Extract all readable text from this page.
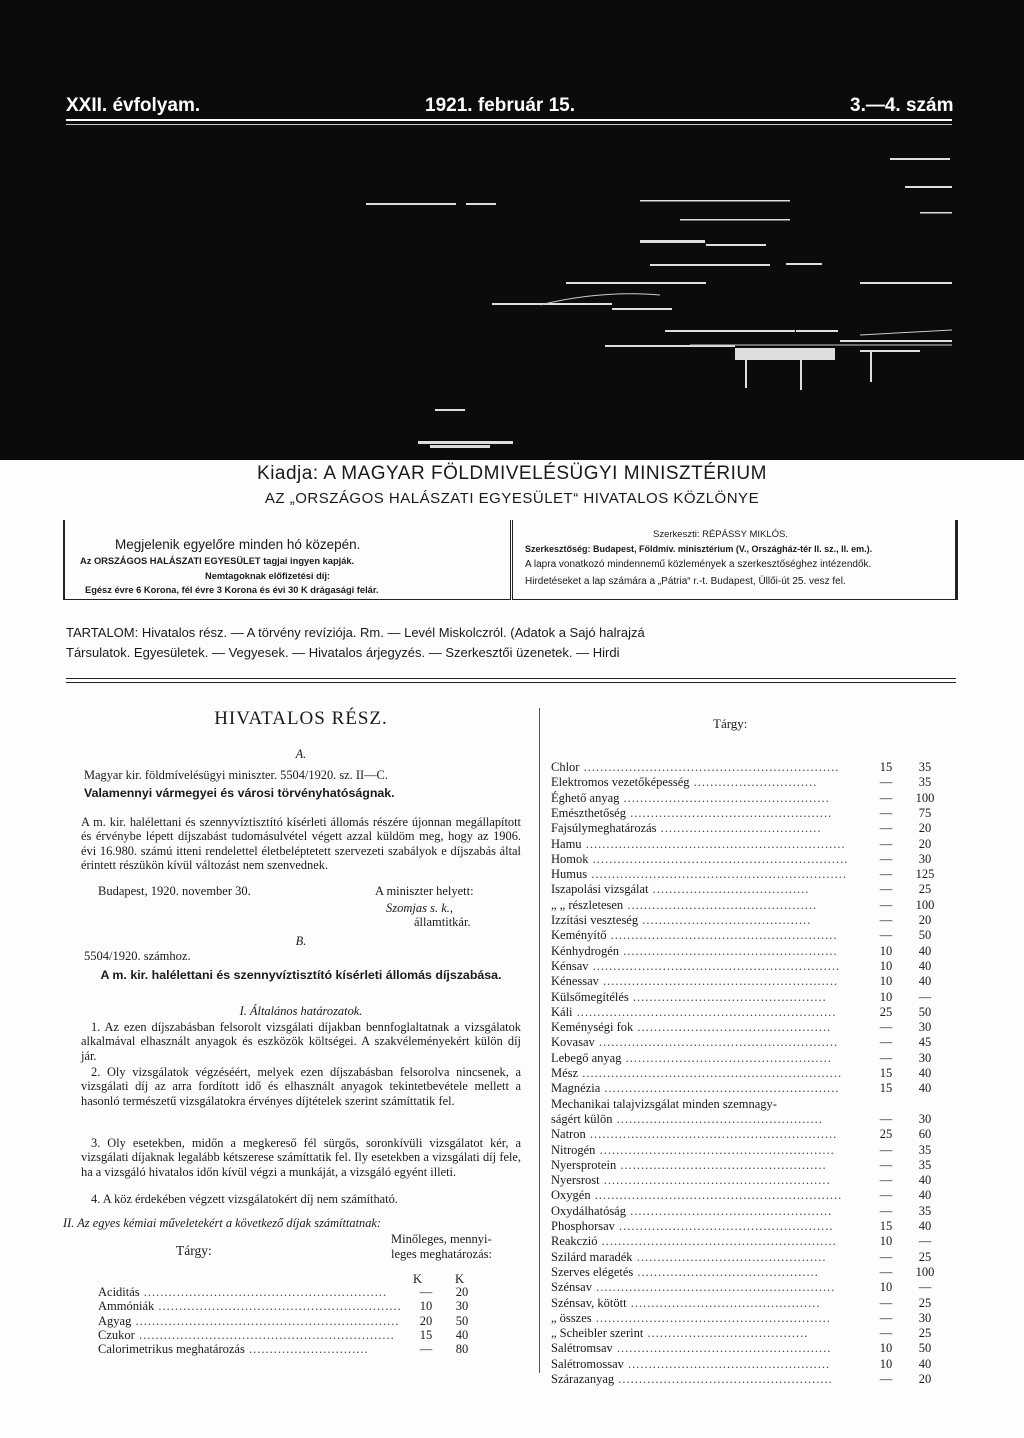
XXII. évfolyam.	1921. február 15.	3.—4. szám
Kiadja: A MAGYAR FÖLDMIVELÉSÜGYI MINISZTÉRIUM
AZ „ORSZÁGOS HALÁSZATI EGYESÜLET“ HIVATALOS KÖZLÖNYE
Megjelenik egyelőre minden hó közepén.
Az ORSZÁGOS HALÁSZATI EGYESÜLET tagjai ingyen kapják.
Nemtagoknak előfizetési díj:
Egész évre 6 Korona, fél évre 3 Korona és évi 30 K drágasági felár.
Szerkeszti: RÉPÁSSY MIKLÓS.
Szerkesztőség: Budapest, Földmív. minisztérium (V., Országház-tér II. sz., II. em.).
A lapra vonatkozó mindennemű közlemények a szerkesztőséghez intézendők.
Hirdetéseket a lap számára a „Pátria“ r.-t. Budapest, Üllői-út 25. vesz fel.
TARTALOM: Hivatalos rész. — A törvény revíziója. Rm. — Levél Miskolczról. (Adatok a Sajó halrajzá
Társulatok. Egyesületek. — Vegyesek. — Hivatalos árjegyzés. — Szerkesztői üzenetek. — Hirdi
HIVATALOS RÉSZ.
A.
Magyar kir. földmívelésügyi miniszter. 5504/1920. sz. II—C.
Valamennyi vármegyei és városi törvényhatóságnak.
A m. kir. halélettani és szennyvíztisztító kísérleti állomás részére újonnan megállapított és érvénybe lépett díjszabást tudomásulvétel végett azzal küldöm meg, hogy az 1906. évi 16.980. számú itteni rendelettel életbeléptetett szervezeti szabályok e díjszabás által érintett részükön kívül változást nem szenvednek.
Budapest, 1920. november 30.	A miniszter helyett:
Szomjas s. k.,
államtitkár.
B.
5504/1920. számhoz.
A m. kir. halélettani és szennyvíztisztító kísérleti állomás díjszabása.
I. Általános határozatok.
1. Az ezen díjszabásban felsorolt vizsgálati díjakban bennfoglaltatnak a vizsgálatok alkalmával elhasznált anyagok és eszközök költségei. A szakvéleményekért külön díj jár.
2. Oly vizsgálatok végzéséért, melyek ezen díjszabásban felsorolva nincsenek, a vizsgálati díj az arra fordított idő és elhasznált anyagok tekintetbevétele mellett a hasonló természetű vizsgálatokra érvényes díjtételek szerint számíttatik fel.
3. Oly esetekben, midőn a megkereső fél sürgős, soronkívüli vizsgálatot kér, a vizsgálati díjaknak legalább kétszerese számíttatik fel. Ily esetekben a vizsgálati díj fele, ha a vizsgáló hivatalos időn kívül végzi a munkáját, a vizsgáló egyént illeti.
4. A köz érdekében végzett vizsgálatokért díj nem számítható.
II. Az egyes kémiai műveletekért a következő díjak számíttatnak:
Tárgy:
Minőleges, mennyi-leges meghatározás:
K	K
Aciditás ...........................................................	—	20
Ammóniák ...........................................................	10	30
Agyag ................................................................	20	50
Czukor ..............................................................	15	40
Calorimetrikus meghatározás .............................	—	80
Tárgy:
Chlor ..............................................................	15	35
Elektromos vezetőképesség ..............................	—	35
Éghető anyag ..................................................	—	100
Emészthetőség .................................................	—	75
Fajsúlymeghatározás .......................................	—	20
Hamu ...............................................................	—	20
Homok ..............................................................	—	30
Humus ..............................................................	—	125
Iszapolási vizsgálat ......................................	—	25
„ „ részletesen ..............................................	—	100
Izzítási veszteség .........................................	—	20
Keményítő .......................................................	—	50
Kénhydrogén ....................................................	10	40
Kénsav ............................................................	10	40
Kénessav .........................................................	10	40
Külsőmegítélés ...............................................	10	—
Káli ...............................................................	25	50
Keménységi fok ...............................................	—	30
Kovasav ..........................................................	—	45
Lebegő anyag ..................................................	—	30
Mész ...............................................................	15	40
Magnézia .........................................................	15	40
Mechanikai talajvizsgálat minden szemnagy-
ságért külön ..................................................	—	30
Natron ............................................................	25	60
Nitrogén .........................................................	—	35
Nyersprotein ..................................................	—	35
Nyersrost .......................................................	—	40
Oxygén ............................................................	—	40
Oxydálhatóság .................................................	—	35
Phosphorsav ....................................................	15	40
Reakczió .........................................................	10	—
Szilárd maradék ..............................................	—	25
Szerves elégetés ............................................	—	100
Szénsav ..........................................................	10	—
Szénsav, kötött ..............................................	—	25
„ összes .........................................................	—	30
„ Scheibler szerint .......................................	—	25
Salétromsav ....................................................	10	50
Salétromossav .................................................	10	40
Szárazanyag ....................................................	—	20
